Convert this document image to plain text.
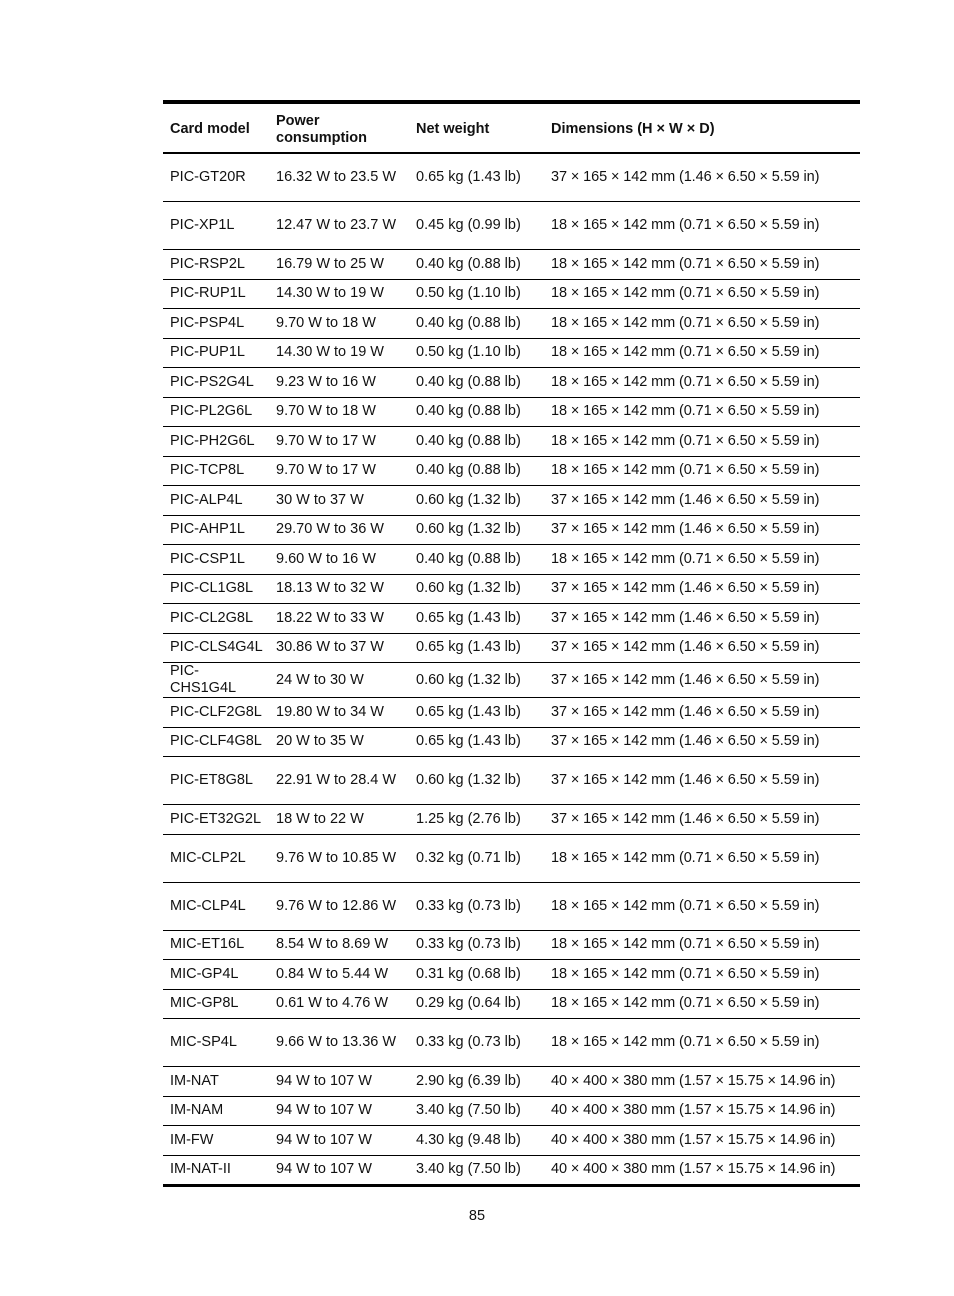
Card model	Power consumption	Net weight	Dimensions (H × W × D)
PIC-GT20R	16.32 W to 23.5 W	0.65 kg (1.43 lb)	37 × 165 × 142 mm (1.46 × 6.50 × 5.59 in)
PIC-XP1L	12.47 W to 23.7 W	0.45 kg (0.99 lb)	18 × 165 × 142 mm (0.71 × 6.50 × 5.59 in)
PIC-RSP2L	16.79 W to 25 W	0.40 kg (0.88 lb)	18 × 165 × 142 mm (0.71 × 6.50 × 5.59 in)
PIC-RUP1L	14.30 W to 19 W	0.50 kg (1.10 lb)	18 × 165 × 142 mm (0.71 × 6.50 × 5.59 in)
PIC-PSP4L	9.70 W to 18 W	0.40 kg (0.88 lb)	18 × 165 × 142 mm (0.71 × 6.50 × 5.59 in)
PIC-PUP1L	14.30 W to 19 W	0.50 kg (1.10 lb)	18 × 165 × 142 mm (0.71 × 6.50 × 5.59 in)
PIC-PS2G4L	9.23 W to 16 W	0.40 kg (0.88 lb)	18 × 165 × 142 mm (0.71 × 6.50 × 5.59 in)
PIC-PL2G6L	9.70 W to 18 W	0.40 kg (0.88 lb)	18 × 165 × 142 mm (0.71 × 6.50 × 5.59 in)
PIC-PH2G6L	9.70 W to 17 W	0.40 kg (0.88 lb)	18 × 165 × 142 mm (0.71 × 6.50 × 5.59 in)
PIC-TCP8L	9.70 W to 17 W	0.40 kg (0.88 lb)	18 × 165 × 142 mm (0.71 × 6.50 × 5.59 in)
PIC-ALP4L	30 W to 37 W	0.60 kg (1.32 lb)	37 × 165 × 142 mm (1.46 × 6.50 × 5.59 in)
PIC-AHP1L	29.70 W to 36 W	0.60 kg (1.32 lb)	37 × 165 × 142 mm (1.46 × 6.50 × 5.59 in)
PIC-CSP1L	9.60 W to 16 W	0.40 kg (0.88 lb)	18 × 165 × 142 mm (0.71 × 6.50 × 5.59 in)
PIC-CL1G8L	18.13 W to 32 W	0.60 kg (1.32 lb)	37 × 165 × 142 mm (1.46 × 6.50 × 5.59 in)
PIC-CL2G8L	18.22 W to 33 W	0.65 kg (1.43 lb)	37 × 165 × 142 mm (1.46 × 6.50 × 5.59 in)
PIC-CLS4G4L	30.86 W to 37 W	0.65 kg (1.43 lb)	37 × 165 × 142 mm (1.46 × 6.50 × 5.59 in)
PIC-CHS1G4L	24 W to 30 W	0.60 kg (1.32 lb)	37 × 165 × 142 mm (1.46 × 6.50 × 5.59 in)
PIC-CLF2G8L	19.80 W to 34 W	0.65 kg (1.43 lb)	37 × 165 × 142 mm (1.46 × 6.50 × 5.59 in)
PIC-CLF4G8L	20 W to 35 W	0.65 kg (1.43 lb)	37 × 165 × 142 mm (1.46 × 6.50 × 5.59 in)
PIC-ET8G8L	22.91 W to 28.4 W	0.60 kg (1.32 lb)	37 × 165 × 142 mm (1.46 × 6.50 × 5.59 in)
PIC-ET32G2L	18 W to 22 W	1.25 kg (2.76 lb)	37 × 165 × 142 mm (1.46 × 6.50 × 5.59 in)
MIC-CLP2L	9.76 W to 10.85 W	0.32 kg (0.71 lb)	18 × 165 × 142 mm (0.71 × 6.50 × 5.59 in)
MIC-CLP4L	9.76 W to 12.86 W	0.33 kg (0.73 lb)	18 × 165 × 142 mm (0.71 × 6.50 × 5.59 in)
MIC-ET16L	8.54 W to 8.69 W	0.33 kg (0.73 lb)	18 × 165 × 142 mm (0.71 × 6.50 × 5.59 in)
MIC-GP4L	0.84 W to 5.44 W	0.31 kg (0.68 lb)	18 × 165 × 142 mm (0.71 × 6.50 × 5.59 in)
MIC-GP8L	0.61 W to 4.76 W	0.29 kg (0.64 lb)	18 × 165 × 142 mm (0.71 × 6.50 × 5.59 in)
MIC-SP4L	9.66 W to 13.36 W	0.33 kg (0.73 lb)	18 × 165 × 142 mm (0.71 × 6.50 × 5.59 in)
IM-NAT	94 W to 107 W	2.90 kg (6.39 lb)	40 × 400 × 380 mm (1.57 × 15.75 × 14.96 in)
IM-NAM	94 W to 107 W	3.40 kg (7.50 lb)	40 × 400 × 380 mm (1.57 × 15.75 × 14.96 in)
IM-FW	94 W to 107 W	4.30 kg (9.48 lb)	40 × 400 × 380 mm (1.57 × 15.75 × 14.96 in)
IM-NAT-II	94 W to 107 W	3.40 kg (7.50 lb)	40 × 400 × 380 mm (1.57 × 15.75 × 14.96 in)
85
